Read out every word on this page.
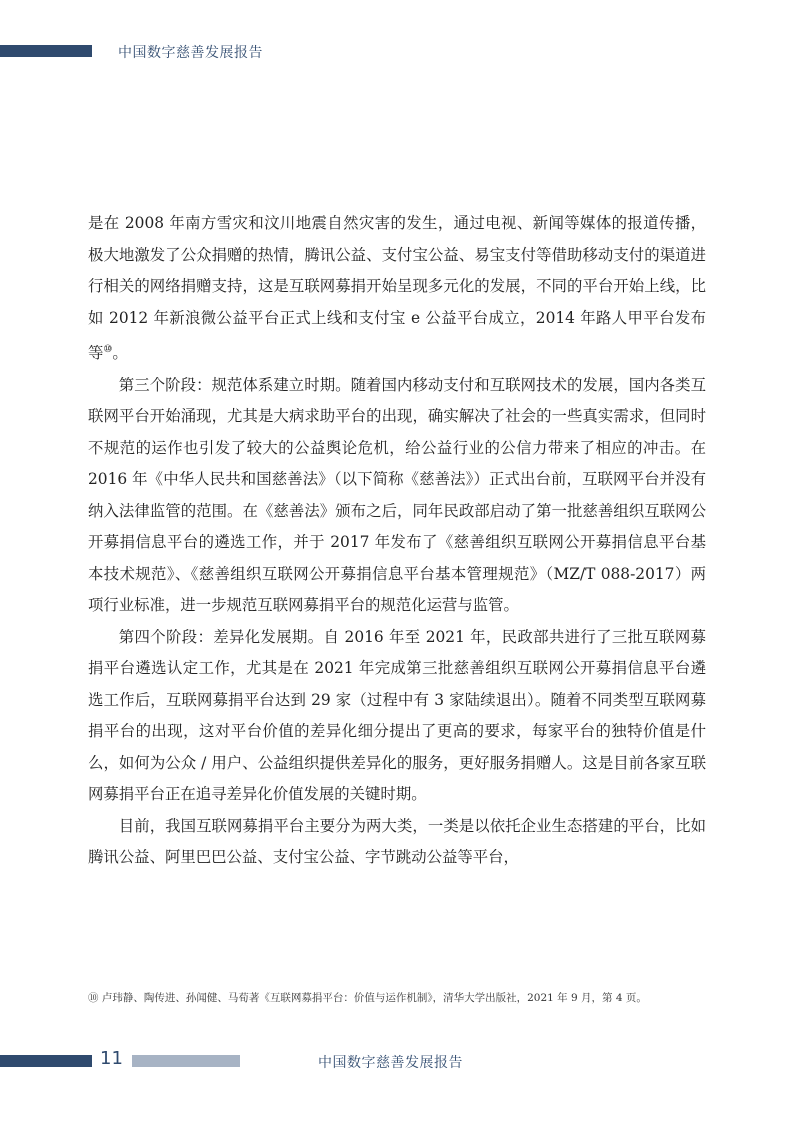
中国数字慈善发展报告

是在 2008 年南方雪灾和汶川地震自然灾害的发生，通过电视、新闻等媒体的报道传播，极大地激发了公众捐赠的热情，腾讯公益、支付宝公益、易宝支付等借助移动支付的渠道进行相关的网络捐赠支持，这是互联网募捐开始呈现多元化的发展，不同的平台开始上线，比如 2012 年新浪微公益平台正式上线和支付宝 e 公益平台成立，2014 年路人甲平台发布等⑩。

第三个阶段：规范体系建立时期。随着国内移动支付和互联网技术的发展，国内各类互联网平台开始涌现，尤其是大病求助平台的出现，确实解决了社会的一些真实需求，但同时不规范的运作也引发了较大的公益舆论危机，给公益行业的公信力带来了相应的冲击。在 2016 年《中华人民共和国慈善法》（以下简称《慈善法》）正式出台前，互联网平台并没有纳入法律监管的范围。在《慈善法》颁布之后，同年民政部启动了第一批慈善组织互联网公开募捐信息平台的遴选工作，并于 2017 年发布了《慈善组织互联网公开募捐信息平台基本技术规范》、《慈善组织互联网公开募捐信息平台基本管理规范》（MZ/T 088-2017）两项行业标准，进一步规范互联网募捐平台的规范化运营与监管。

第四个阶段：差异化发展期。自 2016 年至 2021 年，民政部共进行了三批互联网募捐平台遴选认定工作，尤其是在 2021 年完成第三批慈善组织互联网公开募捐信息平台遴选工作后，互联网募捐平台达到 29 家（过程中有 3 家陆续退出）。随着不同类型互联网募捐平台的出现，这对平台价值的差异化细分提出了更高的要求，每家平台的独特价值是什么，如何为公众 / 用户、公益组织提供差异化的服务，更好服务捐赠人。这是目前各家互联网募捐平台正在追寻差异化价值发展的关键时期。

目前，我国互联网募捐平台主要分为两大类，一类是以依托企业生态搭建的平台，比如腾讯公益、阿里巴巴公益、支付宝公益、字节跳动公益等平台，

⑩ 卢玮静、陶传进、孙闻健、马荀著《互联网募捐平台：价值与运作机制》，清华大学出版社，2021 年 9 月，第 4 页。
11	中国数字慈善发展报告
